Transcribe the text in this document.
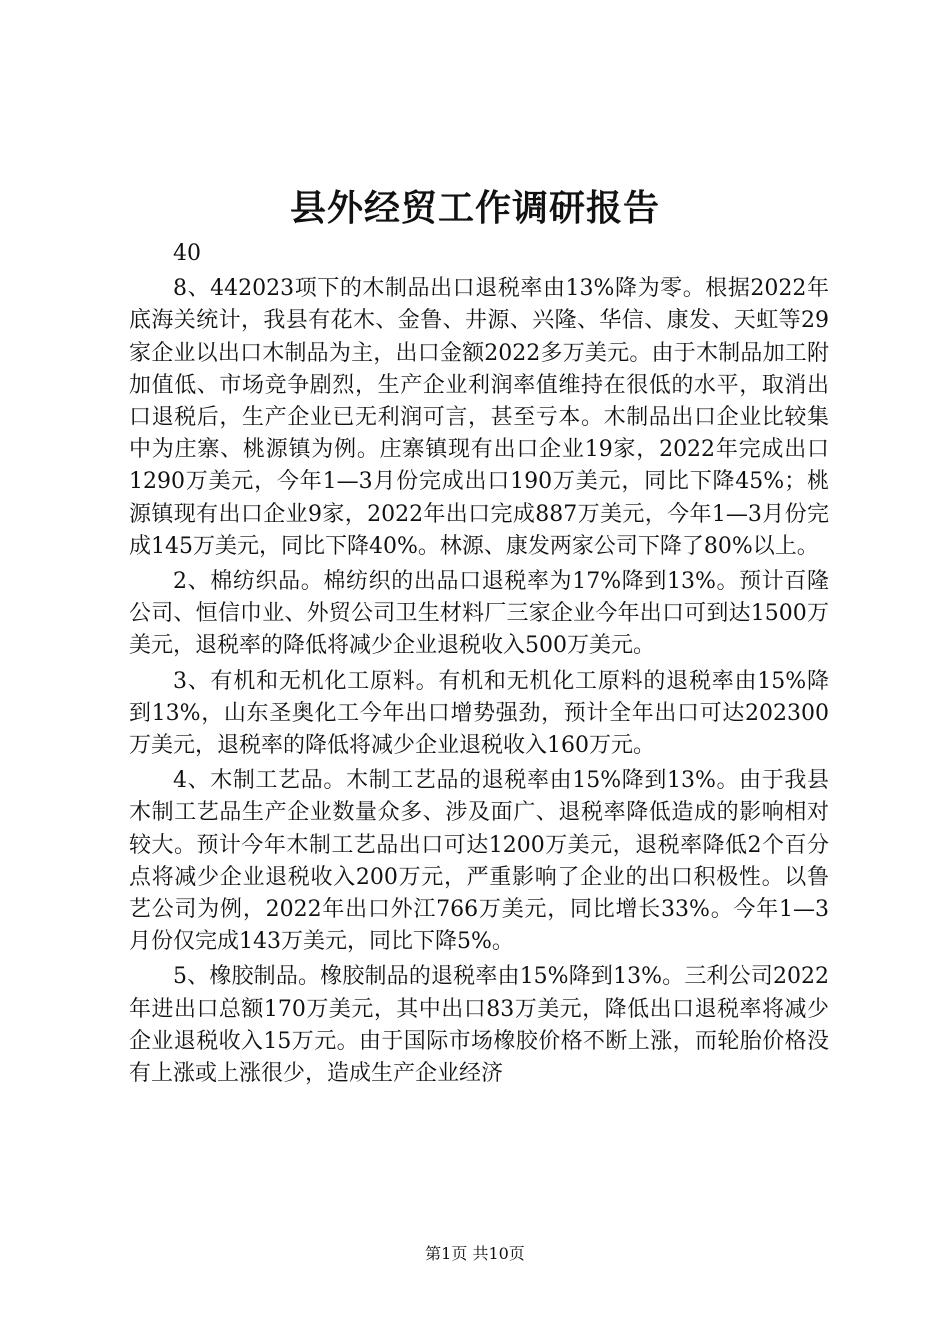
县外经贸工作调研报告

40

8、442023项下的木制品出口退税率由13%降为零。根据2022年底海关统计，我县有花木、金鲁、井源、兴隆、华信、康发、天虹等29家企业以出口木制品为主，出口金额2022多万美元。由于木制品加工附加值低、市场竞争剧烈，生产企业利润率值维持在很低的水平，取消出口退税后，生产企业已无利润可言，甚至亏本。木制品出口企业比较集中为庄寨、桃源镇为例。庄寨镇现有出口企业19家，2022年完成出口1290万美元，今年1—3月份完成出口190万美元，同比下降45%；桃源镇现有出口企业9家，2022年出口完成887万美元，今年1—3月份完成145万美元，同比下降40%。林源、康发两家公司下降了80%以上。

2、棉纺织品。棉纺织的出品口退税率为17%降到13%。预计百隆公司、恒信巾业、外贸公司卫生材料厂三家企业今年出口可到达1500万美元，退税率的降低将减少企业退税收入500万美元。

3、有机和无机化工原料。有机和无机化工原料的退税率由15%降到13%，山东圣奥化工今年出口增势强劲，预计全年出口可达202300万美元，退税率的降低将减少企业退税收入160万元。

4、木制工艺品。木制工艺品的退税率由15%降到13%。由于我县木制工艺品生产企业数量众多、涉及面广、退税率降低造成的影响相对较大。预计今年木制工艺品出口可达1200万美元，退税率降低2个百分点将减少企业退税收入200万元，严重影响了企业的出口积极性。以鲁艺公司为例，2022年出口外江766万美元，同比增长33%。今年1—3月份仅完成143万美元，同比下降5%。

5、橡胶制品。橡胶制品的退税率由15%降到13%。三利公司2022年进出口总额170万美元，其中出口83万美元，降低出口退税率将减少企业退税收入15万元。由于国际市场橡胶价格不断上涨，而轮胎价格没有上涨或上涨很少，造成生产企业经济

第1页 共10页
